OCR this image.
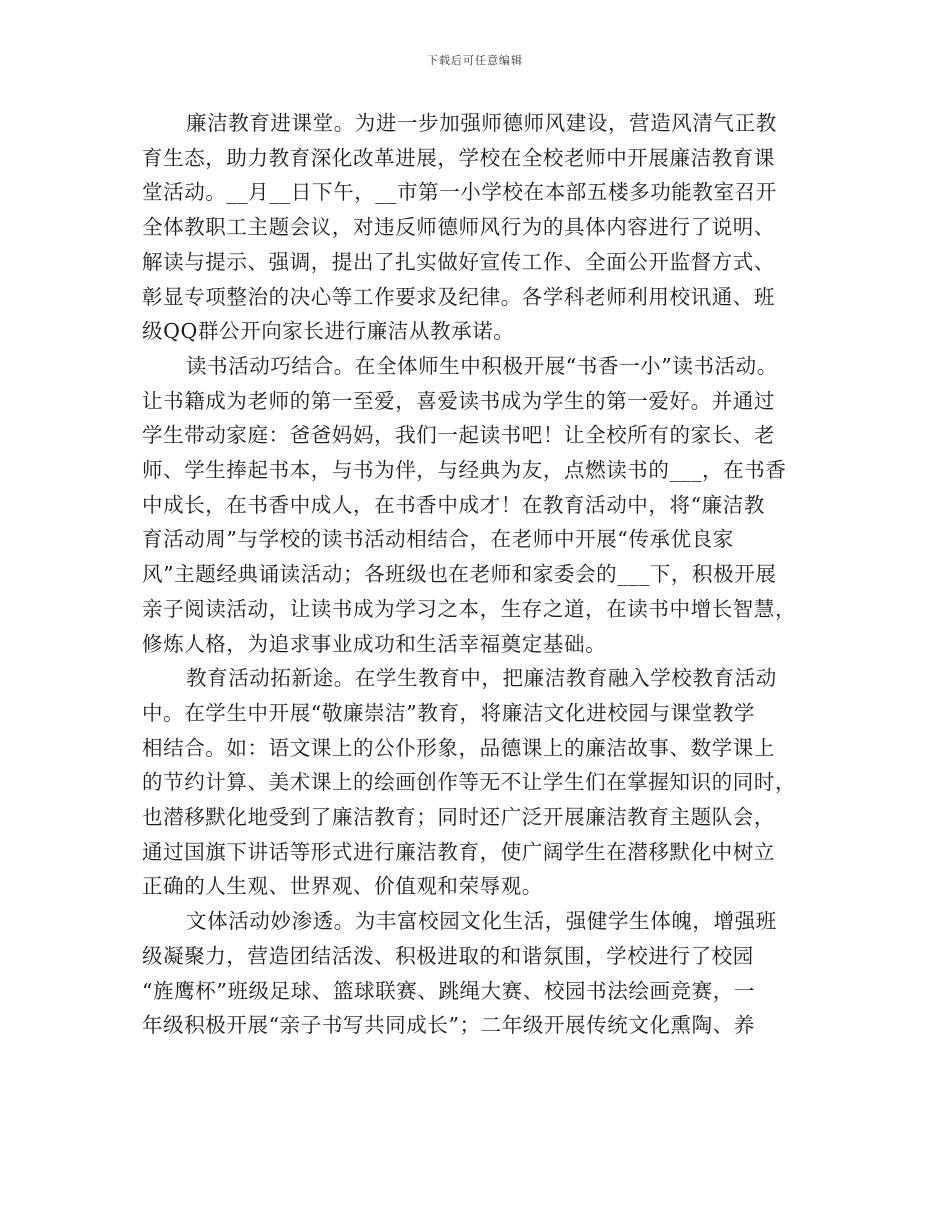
下载后可任意编辑
廉洁教育进课堂。为进一步加强师德师风建设，营造风清气正教
育生态，助力教育深化改革进展，学校在全校老师中开展廉洁教育课
堂活动。__月__日下午，__市第一小学校在本部五楼多功能教室召开
全体教职工主题会议，对违反师德师风行为的具体内容进行了说明、
解读与提示、强调，提出了扎实做好宣传工作、全面公开监督方式、
彰显专项整治的决心等工作要求及纪律。各学科老师利用校讯通、班
级QQ群公开向家长进行廉洁从教承诺。
读书活动巧结合。在全体师生中积极开展“书香一小”读书活动。
让书籍成为老师的第一至爱，喜爱读书成为学生的第一爱好。并通过
学生带动家庭：爸爸妈妈，我们一起读书吧！让全校所有的家长、老
师、学生捧起书本，与书为伴，与经典为友，点燃读书的___，在书香
中成长，在书香中成人，在书香中成才！在教育活动中，将“廉洁教
育活动周”与学校的读书活动相结合，在老师中开展“传承优良家
风”主题经典诵读活动；各班级也在老师和家委会的___下，积极开展
亲子阅读活动，让读书成为学习之本，生存之道，在读书中增长智慧，
修炼人格，为追求事业成功和生活幸福奠定基础。
教育活动拓新途。在学生教育中，把廉洁教育融入学校教育活动
中。在学生中开展“敬廉崇洁”教育，将廉洁文化进校园与课堂教学
相结合。如：语文课上的公仆形象，品德课上的廉洁故事、数学课上
的节约计算、美术课上的绘画创作等无不让学生们在掌握知识的同时，
也潜移默化地受到了廉洁教育；同时还广泛开展廉洁教育主题队会，
通过国旗下讲话等形式进行廉洁教育，使广阔学生在潜移默化中树立
正确的人生观、世界观、价值观和荣辱观。
文体活动妙渗透。为丰富校园文化生活，强健学生体魄，增强班
级凝聚力，营造团结活泼、积极进取的和谐氛围，学校进行了校园
“旌鹰杯”班级足球、篮球联赛、跳绳大赛、校园书法绘画竞赛，一
年级积极开展“亲子书写共同成长”；二年级开展传统文化熏陶、养
